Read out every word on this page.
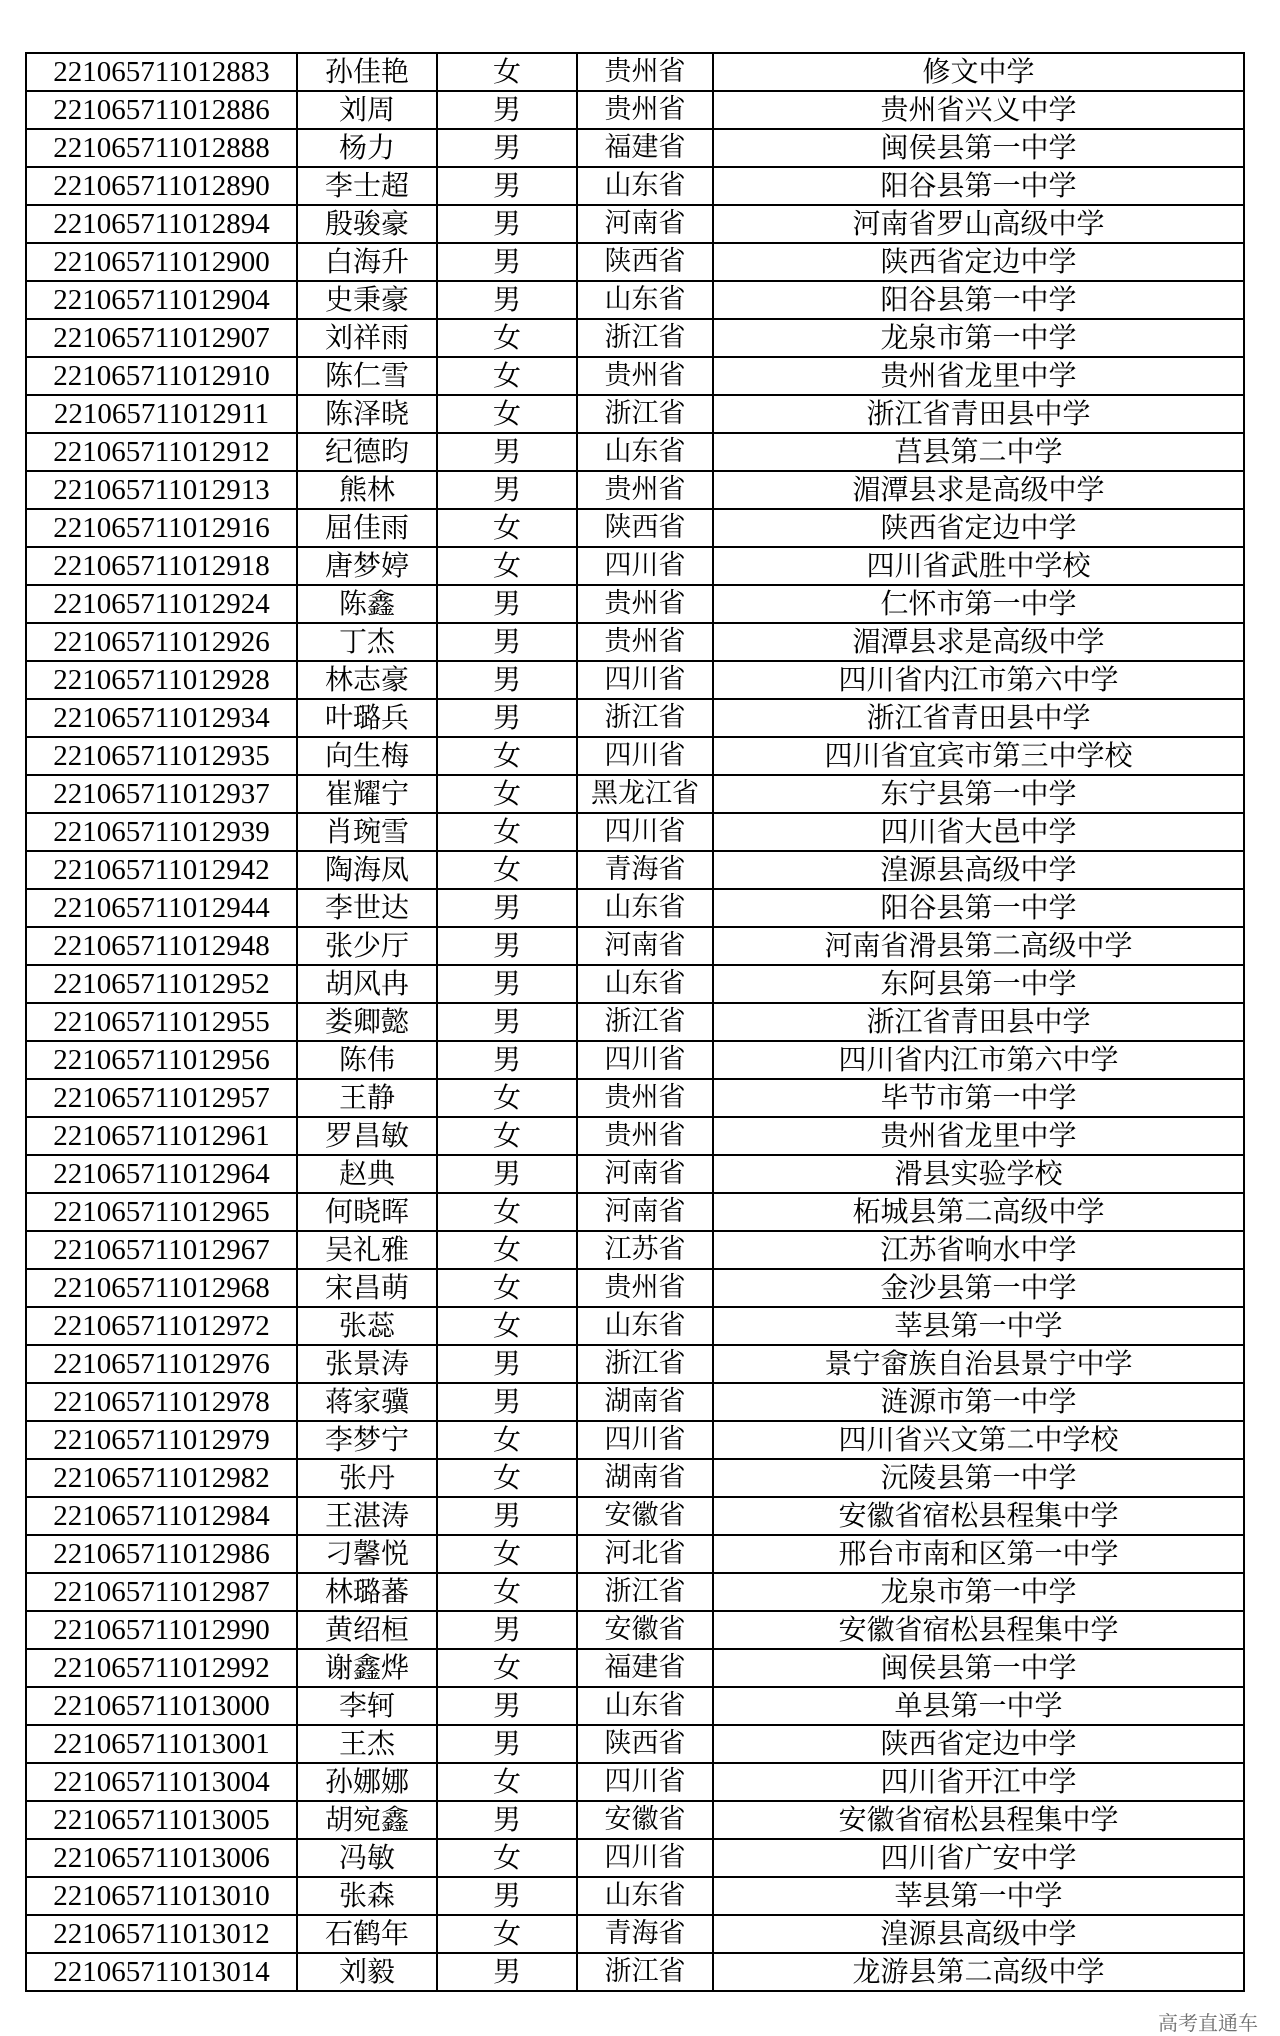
221065711012883	孙佳艳	女	贵州省	修文中学
221065711012886	刘周	男	贵州省	贵州省兴义中学
221065711012888	杨力	男	福建省	闽侯县第一中学
221065711012890	李士超	男	山东省	阳谷县第一中学
221065711012894	殷骏豪	男	河南省	河南省罗山高级中学
221065711012900	白海升	男	陕西省	陕西省定边中学
221065711012904	史秉豪	男	山东省	阳谷县第一中学
221065711012907	刘祥雨	女	浙江省	龙泉市第一中学
221065711012910	陈仁雪	女	贵州省	贵州省龙里中学
221065711012911	陈泽晓	女	浙江省	浙江省青田县中学
221065711012912	纪德昀	男	山东省	莒县第二中学
221065711012913	熊林	男	贵州省	湄潭县求是高级中学
221065711012916	屈佳雨	女	陕西省	陕西省定边中学
221065711012918	唐梦婷	女	四川省	四川省武胜中学校
221065711012924	陈鑫	男	贵州省	仁怀市第一中学
221065711012926	丁杰	男	贵州省	湄潭县求是高级中学
221065711012928	林志豪	男	四川省	四川省内江市第六中学
221065711012934	叶璐兵	男	浙江省	浙江省青田县中学
221065711012935	向生梅	女	四川省	四川省宜宾市第三中学校
221065711012937	崔耀宁	女	黑龙江省	东宁县第一中学
221065711012939	肖琬雪	女	四川省	四川省大邑中学
221065711012942	陶海凤	女	青海省	湟源县高级中学
221065711012944	李世达	男	山东省	阳谷县第一中学
221065711012948	张少厅	男	河南省	河南省滑县第二高级中学
221065711012952	胡风冉	男	山东省	东阿县第一中学
221065711012955	娄卿懿	男	浙江省	浙江省青田县中学
221065711012956	陈伟	男	四川省	四川省内江市第六中学
221065711012957	王静	女	贵州省	毕节市第一中学
221065711012961	罗昌敏	女	贵州省	贵州省龙里中学
221065711012964	赵典	男	河南省	滑县实验学校
221065711012965	何晓晖	女	河南省	柘城县第二高级中学
221065711012967	吴礼雅	女	江苏省	江苏省响水中学
221065711012968	宋昌萌	女	贵州省	金沙县第一中学
221065711012972	张蕊	女	山东省	莘县第一中学
221065711012976	张景涛	男	浙江省	景宁畲族自治县景宁中学
221065711012978	蒋家骥	男	湖南省	涟源市第一中学
221065711012979	李梦宁	女	四川省	四川省兴文第二中学校
221065711012982	张丹	女	湖南省	沅陵县第一中学
221065711012984	王湛涛	男	安徽省	安徽省宿松县程集中学
221065711012986	刁馨悦	女	河北省	邢台市南和区第一中学
221065711012987	林璐蕃	女	浙江省	龙泉市第一中学
221065711012990	黄绍桓	男	安徽省	安徽省宿松县程集中学
221065711012992	谢鑫烨	女	福建省	闽侯县第一中学
221065711013000	李轲	男	山东省	单县第一中学
221065711013001	王杰	男	陕西省	陕西省定边中学
221065711013004	孙娜娜	女	四川省	四川省开江中学
221065711013005	胡宛鑫	男	安徽省	安徽省宿松县程集中学
221065711013006	冯敏	女	四川省	四川省广安中学
221065711013010	张森	男	山东省	莘县第一中学
221065711013012	石鹤年	女	青海省	湟源县高级中学
221065711013014	刘毅	男	浙江省	龙游县第二高级中学
高考直通车
